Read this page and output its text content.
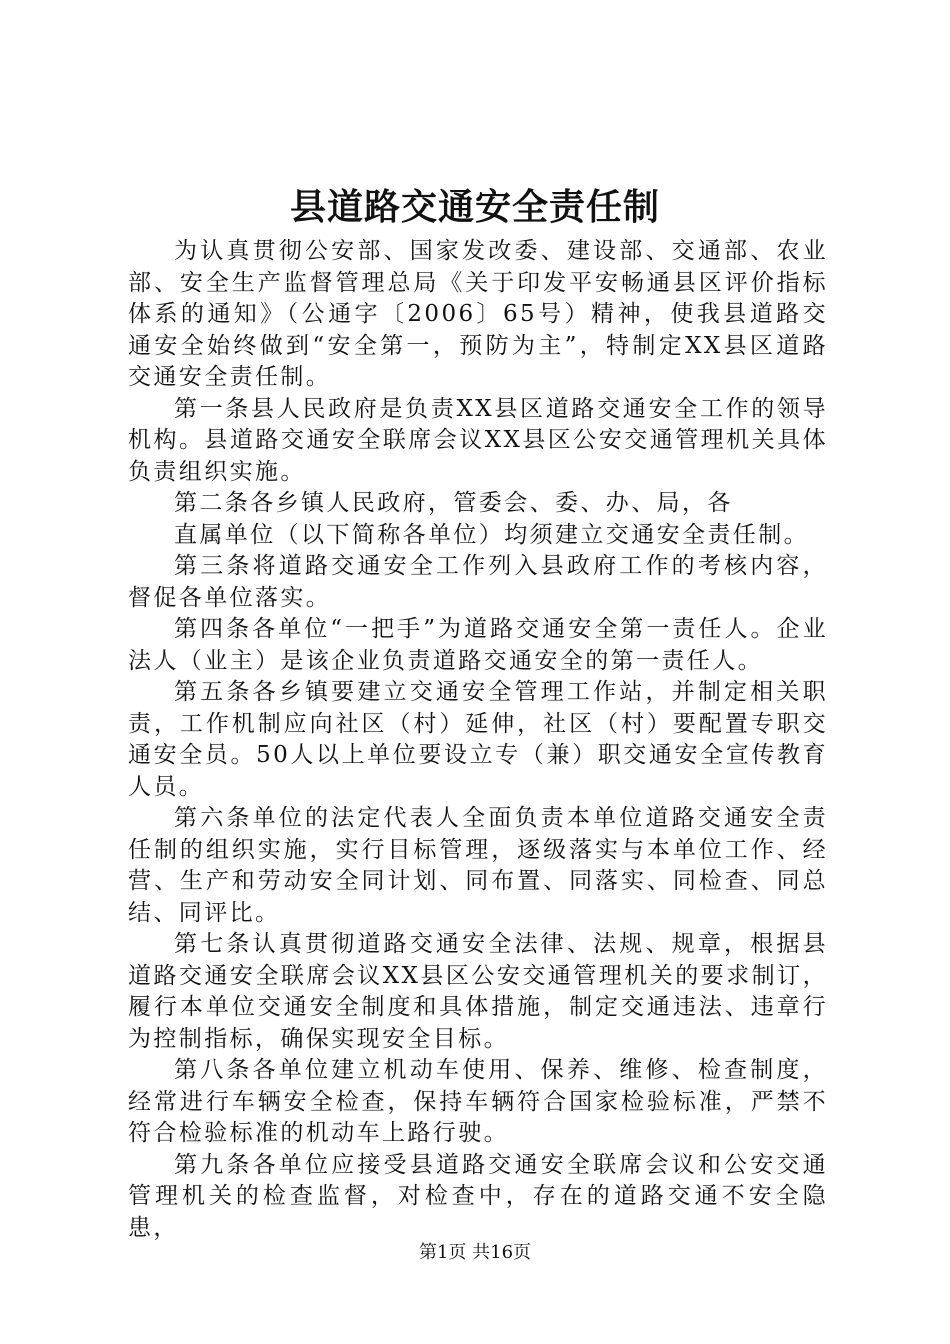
县道路交通安全责任制

为认真贯彻公安部、国家发改委、建设部、交通部、农业部、安全生产监督管理总局《关于印发平安畅通县区评价指标体系的通知》（公通字〔2006〕65号）精神，使我县道路交通安全始终做到“安全第一，预防为主”，特制定XX县区道路交通安全责任制。

第一条县人民政府是负责XX县区道路交通安全工作的领导机构。县道路交通安全联席会议XX县区公安交通管理机关具体负责组织实施。

第二条各乡镇人民政府，管委会、委、办、局，各

直属单位（以下简称各单位）均须建立交通安全责任制。

第三条将道路交通安全工作列入县政府工作的考核内容，督促各单位落实。

第四条各单位“一把手”为道路交通安全第一责任人。企业法人（业主）是该企业负责道路交通安全的第一责任人。

第五条各乡镇要建立交通安全管理工作站，并制定相关职责，工作机制应向社区（村）延伸，社区（村）要配置专职交通安全员。50人以上单位要设立专（兼）职交通安全宣传教育人员。

第六条单位的法定代表人全面负责本单位道路交通安全责任制的组织实施，实行目标管理，逐级落实与本单位工作、经营、生产和劳动安全同计划、同布置、同落实、同检查、同总结、同评比。

第七条认真贯彻道路交通安全法律、法规、规章，根据县道路交通安全联席会议XX县区公安交通管理机关的要求制订，履行本单位交通安全制度和具体措施，制定交通违法、违章行为控制指标，确保实现安全目标。

第八条各单位建立机动车使用、保养、维修、检查制度，经常进行车辆安全检查，保持车辆符合国家检验标准，严禁不符合检验标准的机动车上路行驶。

第九条各单位应接受县道路交通安全联席会议和公安交通管理机关的检查监督，对检查中，存在的道路交通不安全隐患，

第1页 共16页
